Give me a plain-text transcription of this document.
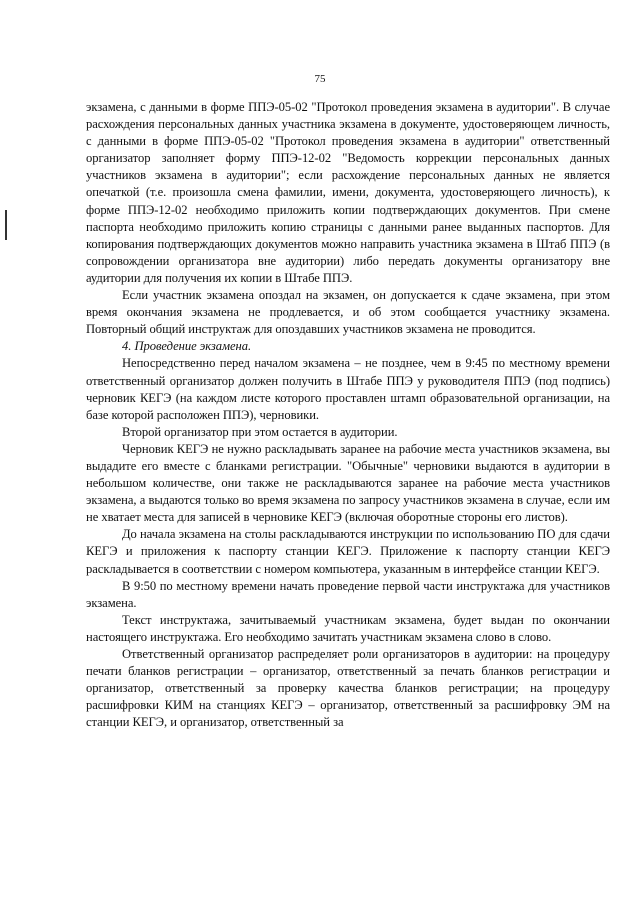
75

экзамена, с данными в форме ППЭ-05-02 "Протокол проведения экзамена в аудитории". В случае расхождения персональных данных участника экзамена в документе, удостоверяющем личность, с данными в форме ППЭ-05-02 "Протокол проведения экзамена в аудитории" ответственный организатор заполняет форму ППЭ-12-02 "Ведомость коррекции персональных данных участников экзамена в аудитории"; если расхождение персональных данных не является опечаткой (т.е. произошла смена фамилии, имени, документа, удостоверяющего личность), к форме ППЭ-12-02 необходимо приложить копии подтверждающих документов. При смене паспорта необходимо приложить копию страницы с данными ранее выданных паспортов. Для копирования подтверждающих документов можно направить участника экзамена в Штаб ППЭ (в сопровождении организатора вне аудитории) либо передать документы организатору вне аудитории для получения их копии в Штабе ППЭ.

Если участник экзамена опоздал на экзамен, он допускается к сдаче экзамена, при этом время окончания экзамена не продлевается, и об этом сообщается участнику экзамена. Повторный общий инструктаж для опоздавших участников экзамена не проводится.

4. Проведение экзамена.

Непосредственно перед началом экзамена – не позднее, чем в 9:45 по местному времени ответственный организатор должен получить в Штабе ППЭ у руководителя ППЭ (под подпись) черновик КЕГЭ (на каждом листе которого проставлен штамп образовательной организации, на базе которой расположен ППЭ), черновики.

Второй организатор при этом остается в аудитории.

Черновик КЕГЭ не нужно раскладывать заранее на рабочие места участников экзамена, вы выдадите его вместе с бланками регистрации. "Обычные" черновики выдаются в аудитории в небольшом количестве, они также не раскладываются заранее на рабочие места участников экзамена, а выдаются только во время экзамена по запросу участников экзамена в случае, если им не хватает места для записей в черновике КЕГЭ (включая оборотные стороны его листов).

До начала экзамена на столы раскладываются инструкции по использованию ПО для сдачи КЕГЭ и приложения к паспорту станции КЕГЭ. Приложение к паспорту станции КЕГЭ раскладывается в соответствии с номером компьютера, указанным в интерфейсе станции КЕГЭ.

В 9:50 по местному времени начать проведение первой части инструктажа для участников экзамена.

Текст инструктажа, зачитываемый участникам экзамена, будет выдан по окончании настоящего инструктажа. Его необходимо зачитать участникам экзамена слово в слово.

Ответственный организатор распределяет роли организаторов в аудитории: на процедуру печати бланков регистрации – организатор, ответственный за печать бланков регистрации и организатор, ответственный за проверку качества бланков регистрации; на процедуру расшифровки КИМ на станциях КЕГЭ – организатор, ответственный за расшифровку ЭМ на станции КЕГЭ, и организатор, ответственный за
